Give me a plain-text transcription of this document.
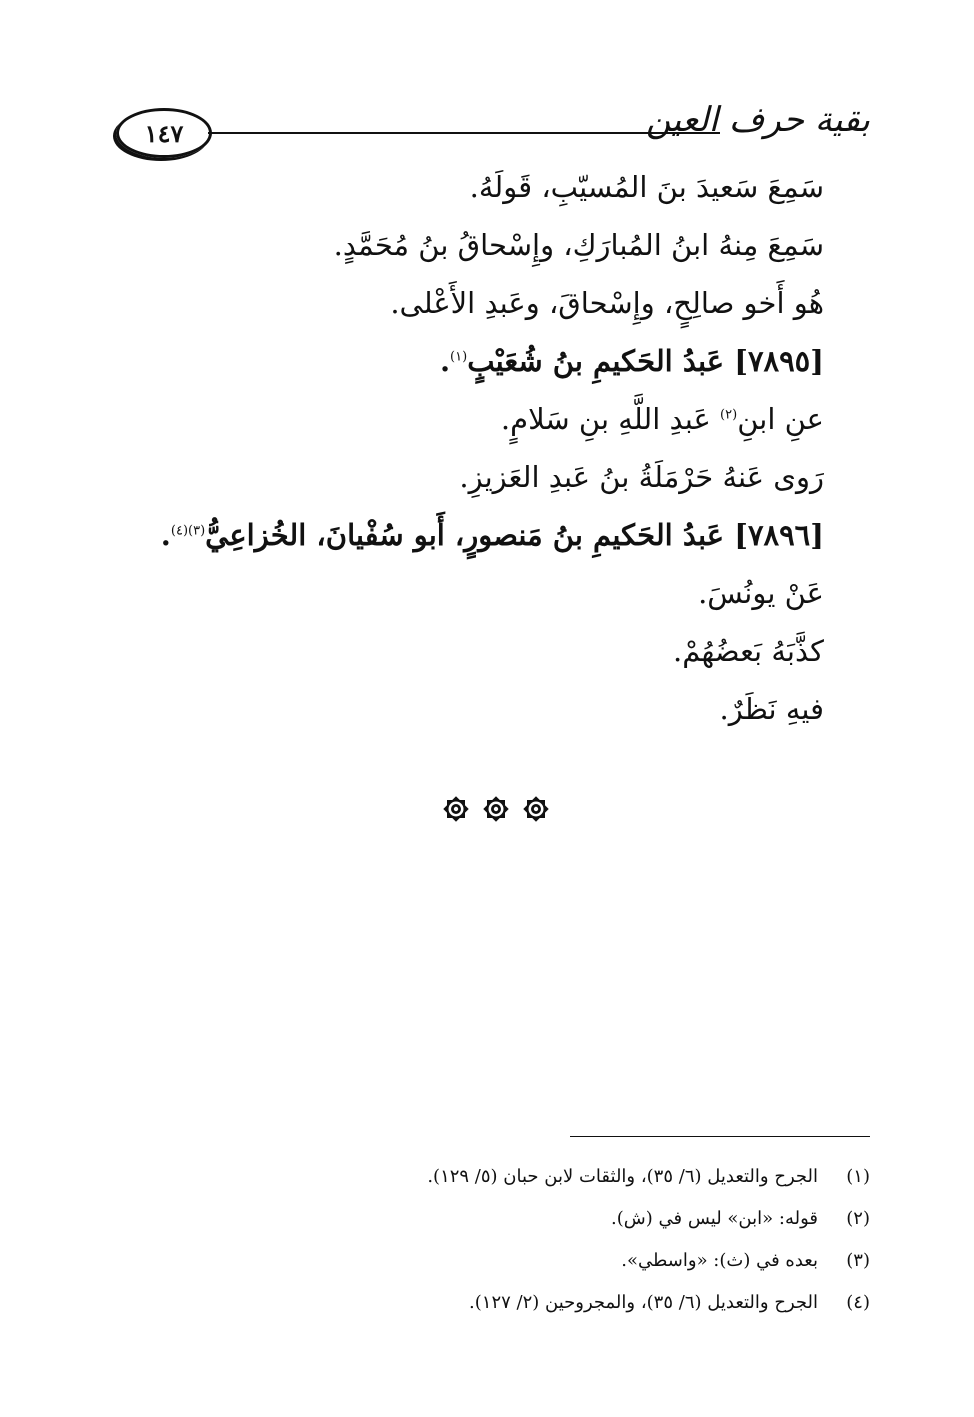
بقية حرف العين
١٤٧
سَمِعَ سَعيدَ بنَ المُسيّبِ، قَولَهُ.
سَمِعَ مِنهُ ابنُ المُبارَكِ، وإِسْحاقُ بنُ مُحَمَّدٍ.
هُو أَخو صالِحٍ، وإِسْحاقَ، وعَبدِ الأَعْلى.
[٧٨٩٥] عَبدُ الحَكيمِ بنُ شُعَيْبٍ$^{(١)}$.
عنِ ابنِ$^{(٢)}$ عَبدِ اللَّهِ بنِ سَلامٍ.
رَوى عَنهُ حَرْمَلَةُ بنُ عَبدِ العَزيزِ.
[٧٨٩٦] عَبدُ الحَكيمِ بنُ مَنصورٍ، أَبو سُفْيانَ، الخُزاعِيُّ$^{(٣)(٤)}$.
عَنْ يونُسَ.
كذَّبَهُ بَعضُهُمْ.
فيهِ نَظَرٌ.
(١)الجرح والتعديل (٦/ ٣٥)، والثقات لابن حبان (٥/ ١٢٩).
(٢)قوله: «ابن» ليس في (ش).
(٣)بعده في (ث): «واسطي».
(٤)الجرح والتعديل (٦/ ٣٥)، والمجروحين (٢/ ١٢٧).
